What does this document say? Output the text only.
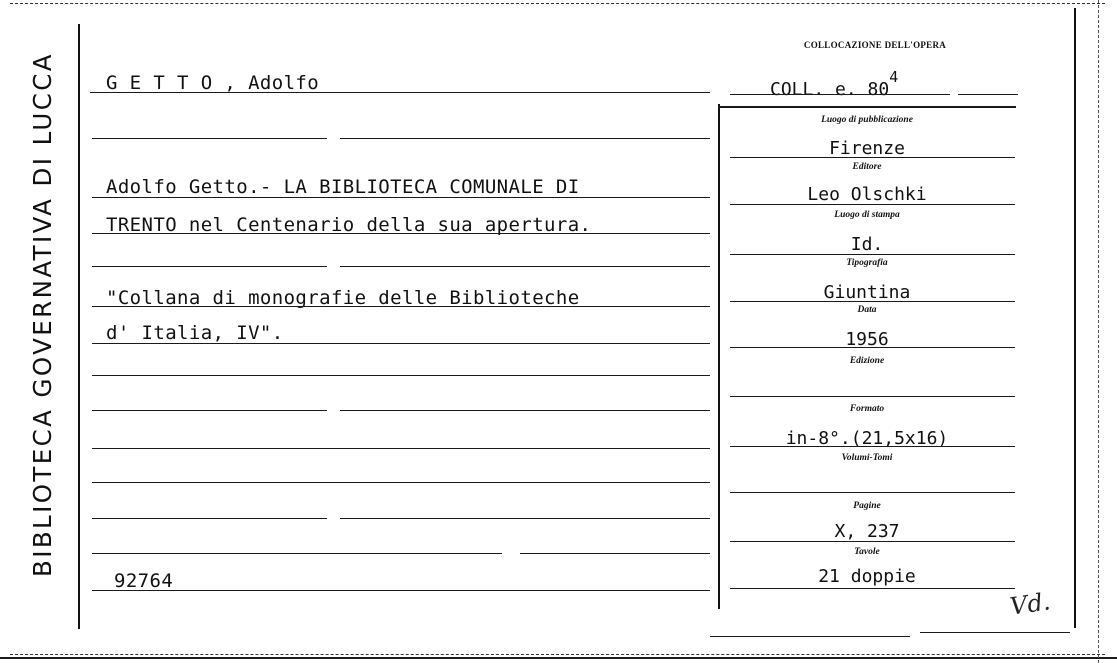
BIBLIOTECA GOVERNATIVA DI LUCCA	G E T T O , Adolfo
Adolfo Getto.- LA BIBLIOTECA COMUNALE DI
TRENTO nel Centenario della sua apertura.
"Collana di monografie delle Biblioteche
d' Italia, IV".
92764
COLLOCAZIONE DELL'OPERA
COLL. e. $80^4$
Luogo di pubblicazione
Firenze
Editore
Leo Olschki
Luogo di stampa
Id.
Tipografia
Giuntina
Data
1956
Edizione
Formato
in-8°.(21,5x16)
Volumi-Tomi
Pagine
X, 237
Tavole
21 doppie
Vd.
